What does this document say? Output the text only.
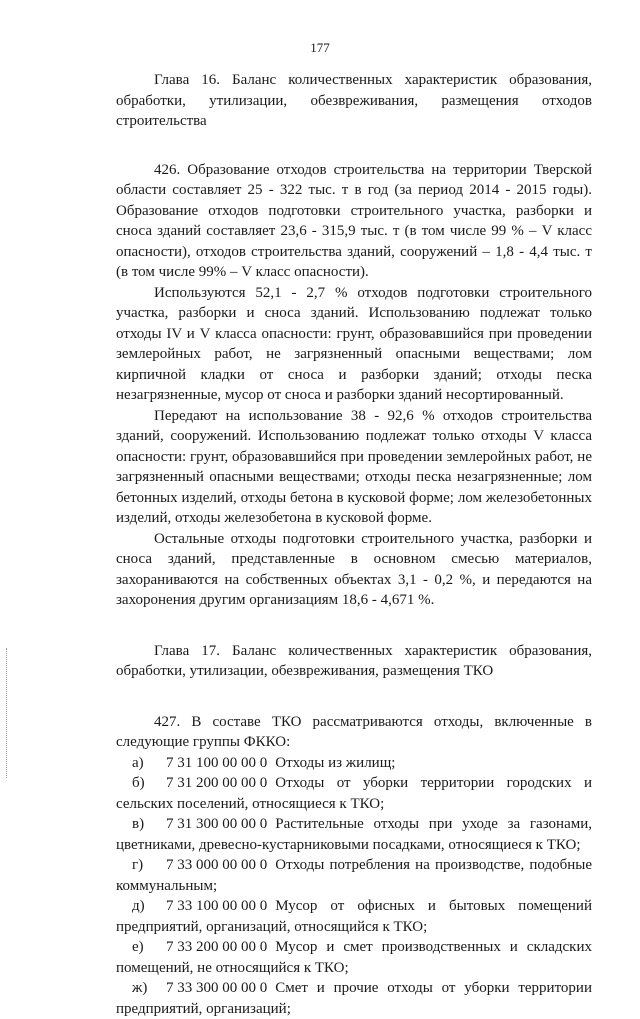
177

Глава 16. Баланс количественных характеристик образования, обработки, утилизации, обезвреживания, размещения отходов строительства

426. Образование отходов строительства на территории Тверской области составляет 25 - 322 тыс. т в год (за период 2014 - 2015 годы). Образование отходов подготовки строительного участка, разборки и сноса зданий составляет 23,6 - 315,9 тыс. т (в том числе 99 % – V класс опасности), отходов строительства зданий, сооружений – 1,8 - 4,4 тыс. т (в том числе 99% – V класс опасности).

Используются 52,1 - 2,7 % отходов подготовки строительного участка, разборки и сноса зданий. Использованию подлежат только отходы IV и V класса опасности: грунт, образовавшийся при проведении землеройных работ, не загрязненный опасными веществами; лом кирпичной кладки от сноса и разборки зданий; отходы песка незагрязненные, мусор от сноса и разборки зданий несортированный.

Передают на использование 38 - 92,6 % отходов строительства зданий, сооружений. Использованию подлежат только отходы V класса опасности: грунт, образовавшийся при проведении землеройных работ, не загрязненный опасными веществами; отходы песка незагрязненные; лом бетонных изделий, отходы бетона в кусковой форме; лом железобетонных изделий, отходы железобетона в кусковой форме.

Остальные отходы подготовки строительного участка, разборки и сноса зданий, представленные в основном смесью материалов, захораниваются на собственных объектах 3,1 - 0,2 %, и передаются на захоронения другим организациям 18,6 - 4,671 %.

Глава 17. Баланс количественных характеристик образования, обработки, утилизации, обезвреживания, размещения ТКО

427. В составе ТКО рассматриваются отходы, включенные в следующие группы ФККО:

а) 7 31 100 00 00 0 Отходы из жилищ;

б) 7 31 200 00 00 0 Отходы от уборки территории городских и сельских поселений, относящиеся к ТКО;

в) 7 31 300 00 00 0 Растительные отходы при уходе за газонами, цветниками, древесно-кустарниковыми посадками, относящиеся к ТКО;

г) 7 33 000 00 00 0 Отходы потребления на производстве, подобные коммунальным;

д) 7 33 100 00 00 0 Мусор от офисных и бытовых помещений предприятий, организаций, относящийся к ТКО;

е) 7 33 200 00 00 0 Мусор и смет производственных и складских помещений, не относящийся к ТКО;

ж) 7 33 300 00 00 0 Смет и прочие отходы от уборки территории предприятий, организаций;
